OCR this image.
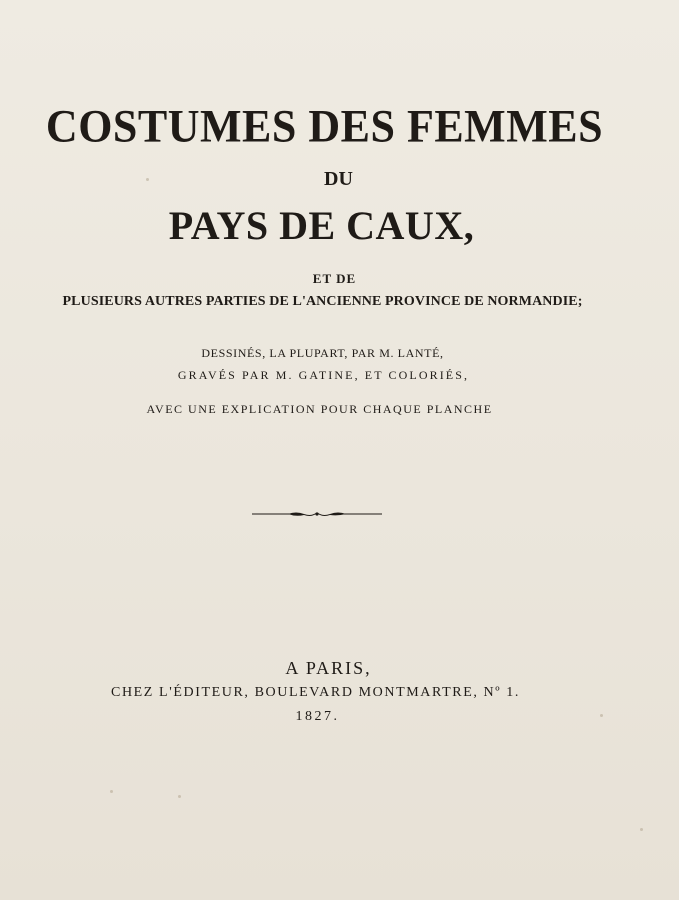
COSTUMES DES FEMMES
DU
PAYS DE CAUX,
ET DE
PLUSIEURS AUTRES PARTIES DE L'ANCIENNE PROVINCE DE NORMANDIE;
DESSINÉS, LA PLUPART, PAR M. LANTÉ,
GRAVÉS PAR M. GATINE, ET COLORIÉS,
AVEC UNE EXPLICATION POUR CHAQUE PLANCHE
A PARIS,
CHEZ L'ÉDITEUR, BOULEVARD MONTMARTRE, Nº 1.
1827.
